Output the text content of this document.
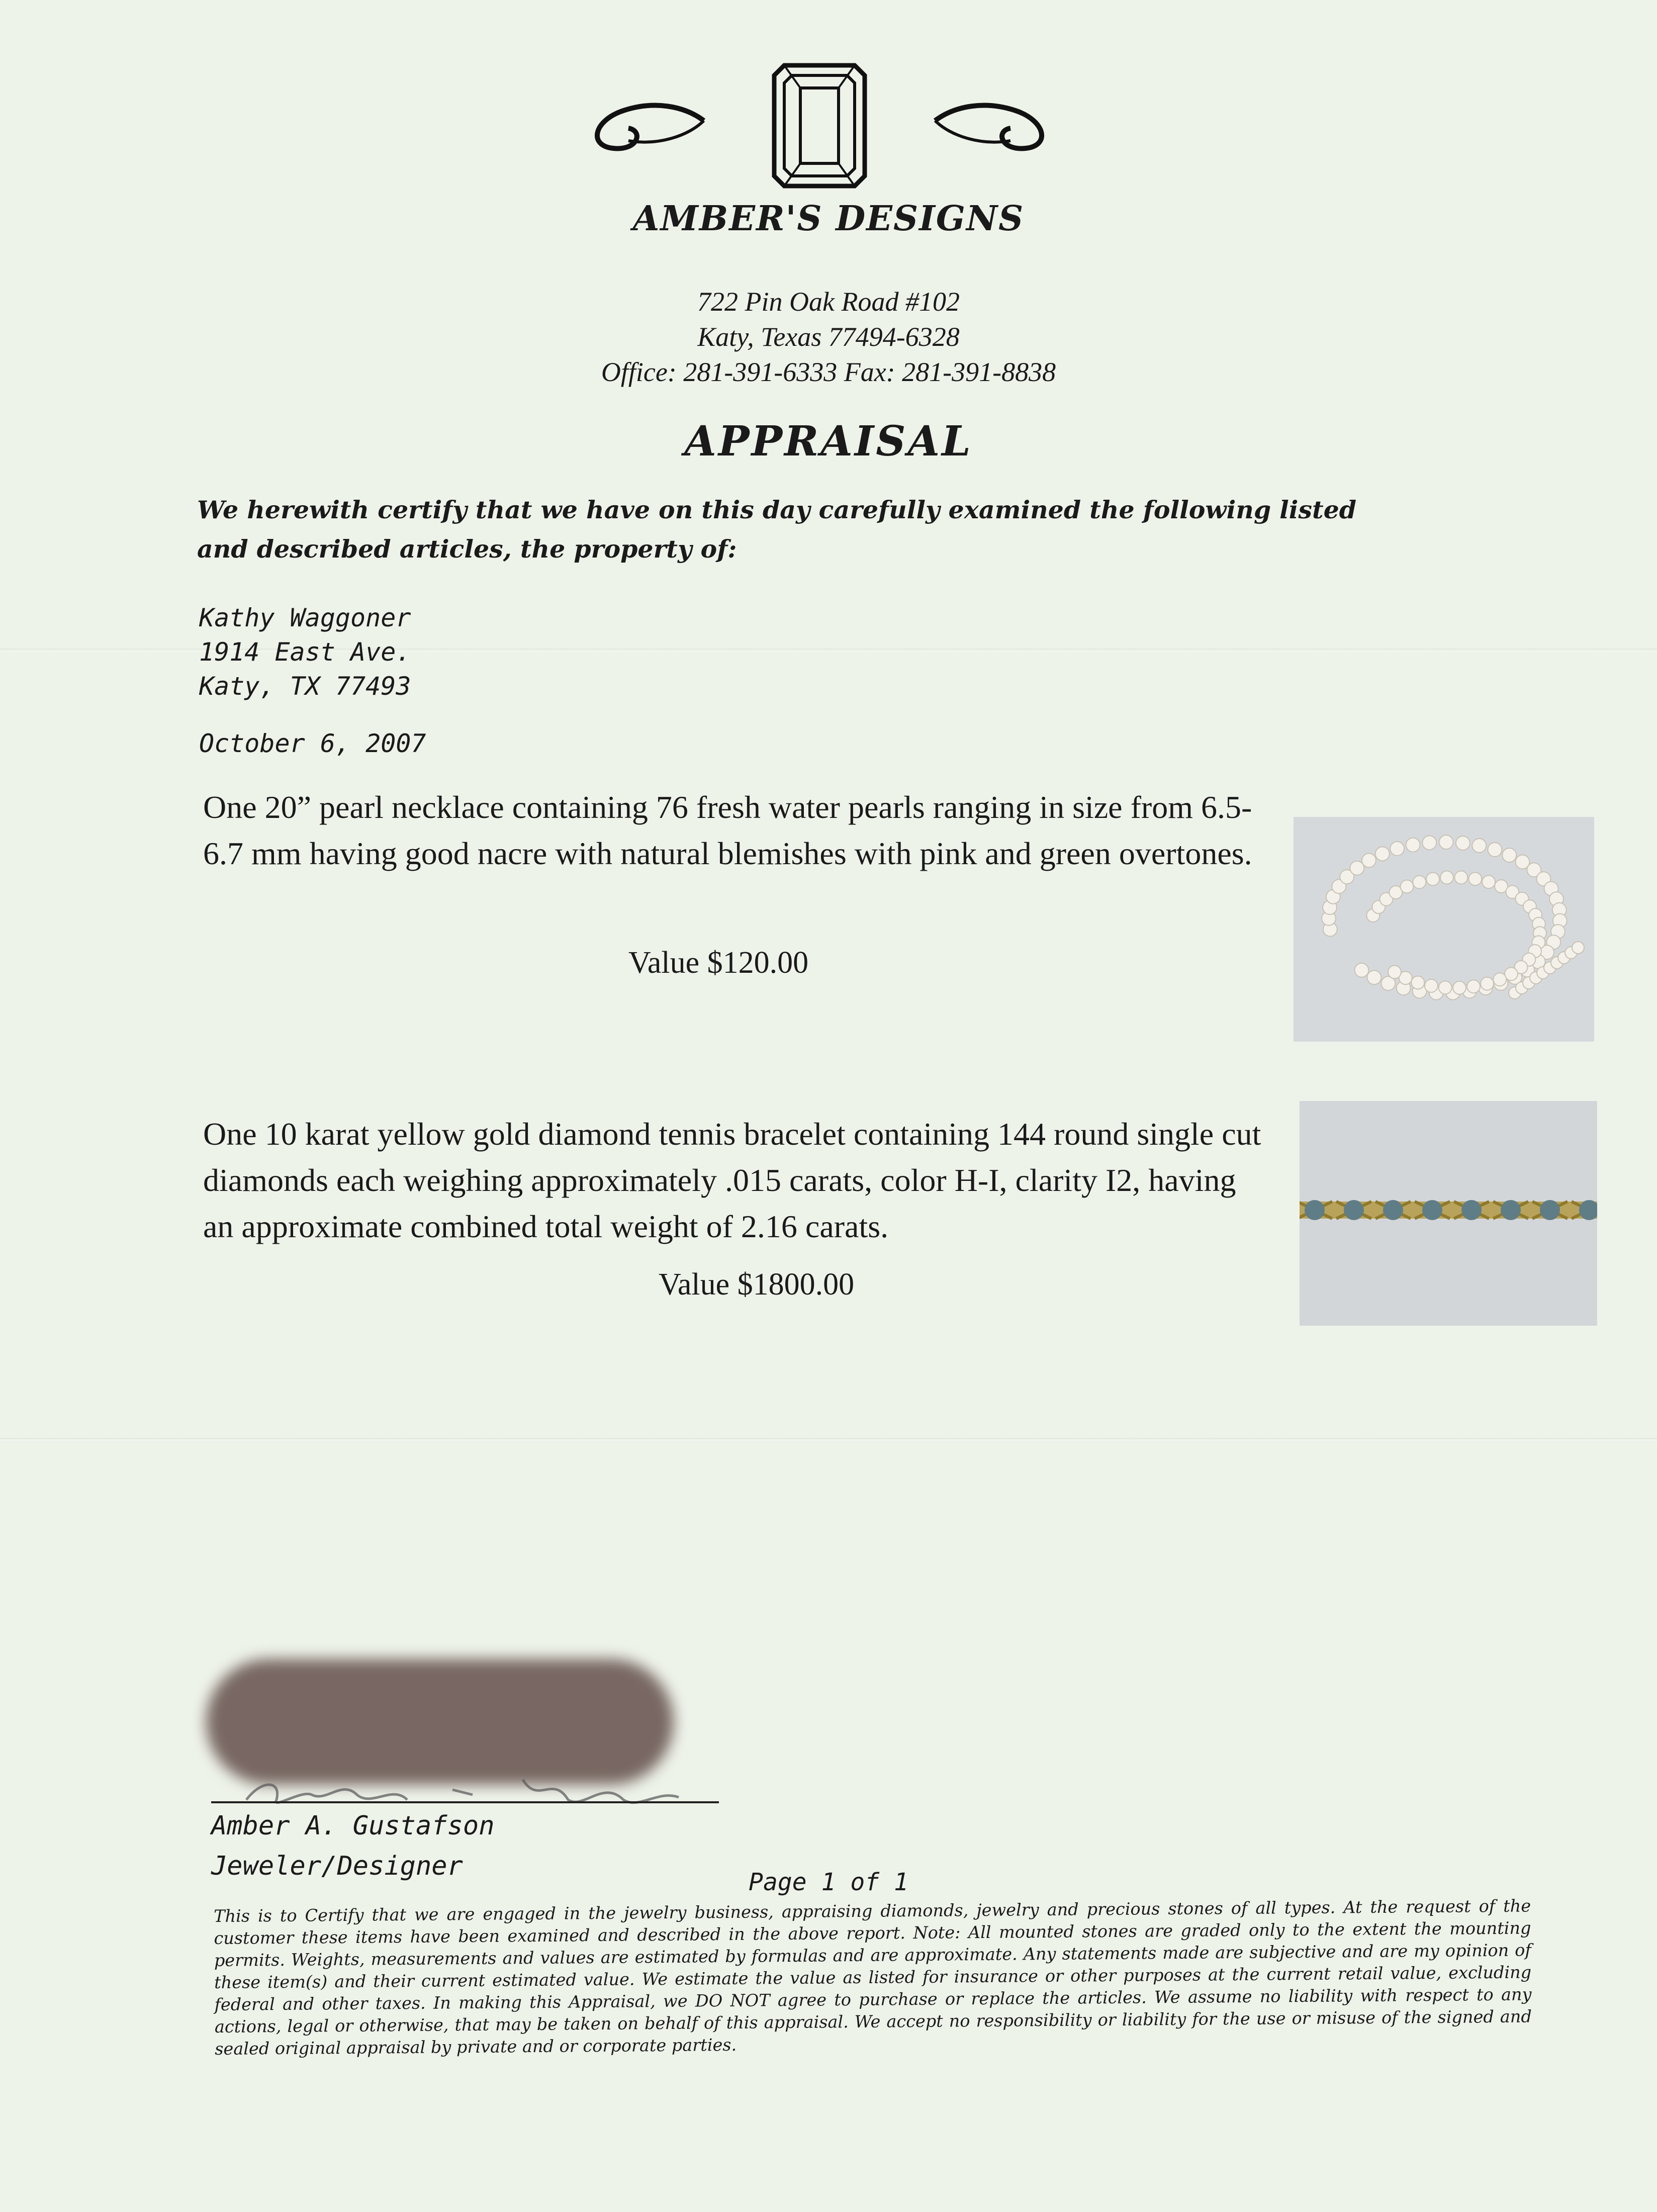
AMBER'S DESIGNS
722 Pin Oak Road #102
Katy, Texas 77494-6328
Office: 281-391-6333 Fax: 281-391-8838
APPRAISAL
We herewith certify that we have on this day carefully examined the following listed and described articles, the property of:
Kathy Waggoner
1914 East Ave.
Katy, TX 77493
October 6, 2007
One 20” pearl necklace containing 76 fresh water pearls ranging in size from 6.5-6.7 mm having good nacre with natural blemishes with pink and green overtones.
Value $120.00
One 10 karat yellow gold diamond tennis bracelet containing 144 round single cut diamonds each weighing approximately .015 carats, color H-I, clarity I2, having an approximate combined total weight of 2.16 carats.
Value $1800.00
Amber A. Gustafson
Jeweler/Designer
Page 1 of 1
This is to Certify that we are engaged in the jewelry business, appraising diamonds, jewelry and precious stones of all types. At the request of the customer these items have been examined and described in the above report. Note: All mounted stones are graded only to the extent the mounting permits. Weights, measurements and values are estimated by formulas and are approximate. Any statements made are subjective and are my opinion of these item(s) and their current estimated value. We estimate the value as listed for insurance or other purposes at the current retail value, excluding federal and other taxes. In making this Appraisal, we DO NOT agree to purchase or replace the articles. We assume no liability with respect to any actions, legal or otherwise, that may be taken on behalf of this appraisal. We accept no responsibility or liability for the use or misuse of the signed and sealed original appraisal by private and or corporate parties.
